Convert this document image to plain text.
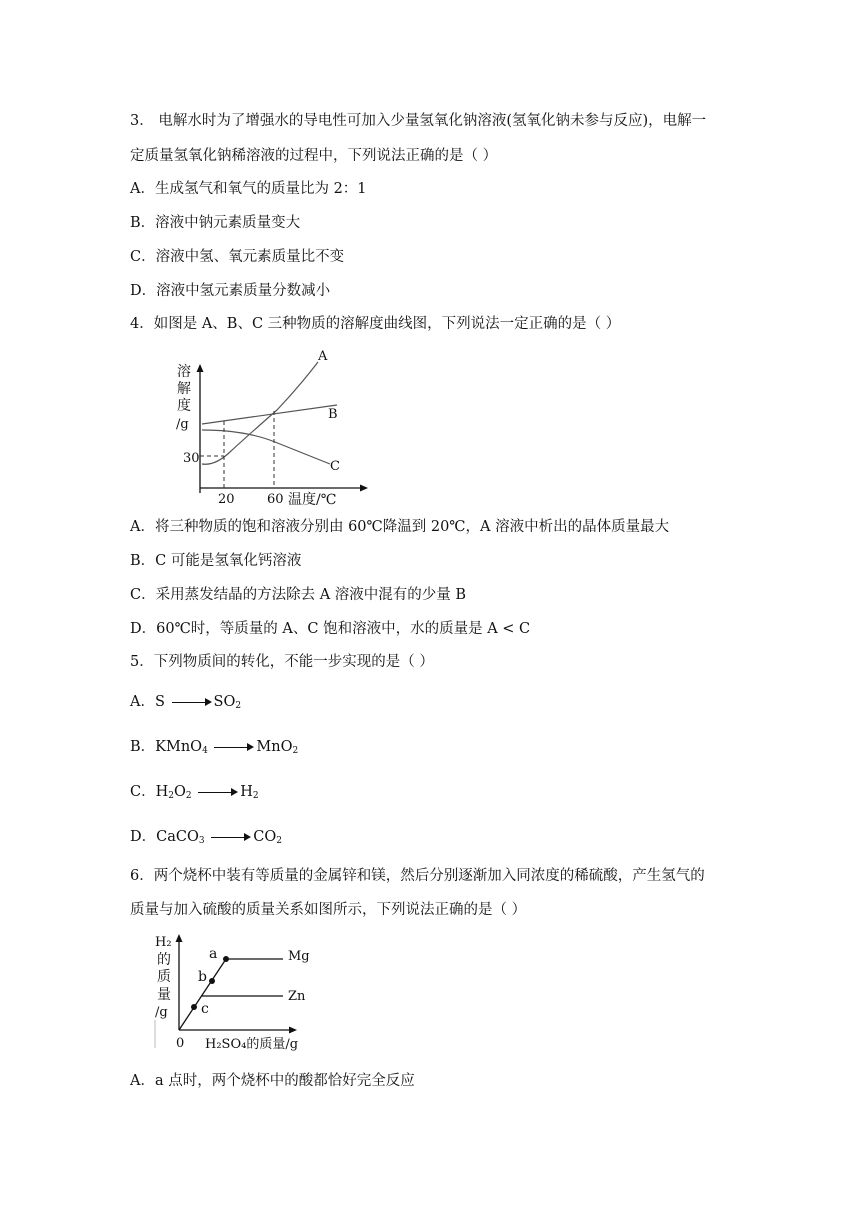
3． 电解水时为了增强水的导电性可加入少量氢氧化钠溶液(氢氧化钠未参与反应)，电解一
定质量氢氧化钠稀溶液的过程中，下列说法正确的是（ ）
A．生成氢气和氧气的质量比为 2：1
B．溶液中钠元素质量变大
C．溶液中氢、氧元素质量比不变
D．溶液中氢元素质量分数减小
4．如图是 A、B、C 三种物质的溶解度曲线图，下列说法一定正确的是（ ）
溶
解
度
/g
A
B
C
30
20 60 温度/℃
A．将三种物质的饱和溶液分别由 60℃降温到 20℃，A 溶液中析出的晶体质量最大
B．C 可能是氢氧化钙溶液
C．采用蒸发结晶的方法除去 A 溶液中混有的少量 B
D．60℃时，等质量的 A、C 饱和溶液中，水的质量是 A < C
5．下列物质间的转化，不能一步实现的是（ ）
A．S	$SO_2$
B．KMnO$_4$	MnO$_2$
C．$H_2O_2$	$H_2$
D．CaCO$_3$	$CO_2$
6．两个烧杯中装有等质量的金属锌和镁，然后分别逐渐加入同浓度的稀硫酸，产生氢气的
质量与加入硫酸的质量关系如图所示，下列说法正确的是（ ）
H₂
的
质
量
/g
a
b
c
Mg
Zn
0 H₂SO₄的质量/g
A．a 点时，两个烧杯中的酸都恰好完全反应
